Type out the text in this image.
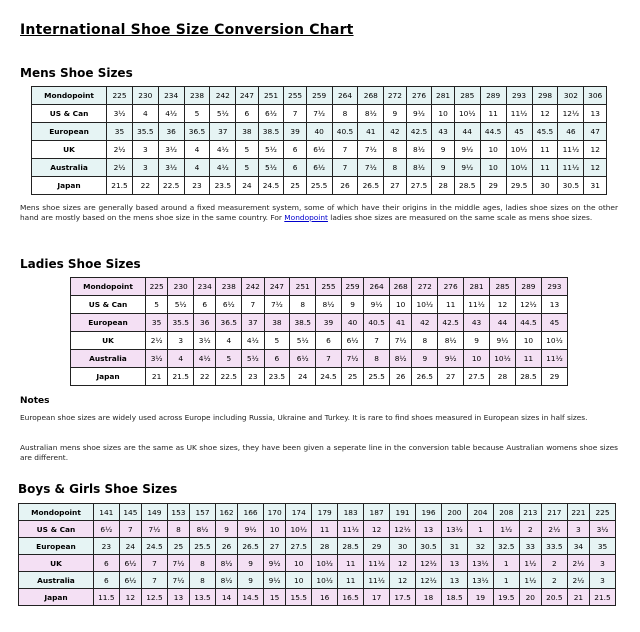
International Shoe Size Conversion Chart
Mens Shoe Sizes
Mondopoint	225	230	234	238	242	247	251	255	259	264	268	272	276	281	285	289	293	298	302	306
US & Can	3½	4	4½	5	5½	6	6½	7	7½	8	8½	9	9½	10	10½	11	11½	12	12½	13
European	35	35.5	36	36.5	37	38	38.5	39	40	40.5	41	42	42.5	43	44	44.5	45	45.5	46	47
UK	2½	3	3½	4	4½	5	5½	6	6½	7	7½	8	8½	9	9½	10	10½	11	11½	12
Australia	2½	3	3½	4	4½	5	5½	6	6½	7	7½	8	8½	9	9½	10	10½	11	11½	12
Japan	21.5	22	22.5	23	23.5	24	24.5	25	25.5	26	26.5	27	27.5	28	28.5	29	29.5	30	30.5	31
Mens shoe sizes are generally based around a fixed measurement system, some of which have their origins in the middle ages, ladies shoe sizes on the other hand are mostly based on the mens shoe size in the same country. For Mondopoint ladies shoe sizes are measured on the same scale as mens shoe sizes.
Ladies Shoe Sizes
Mondopoint	225	230	234	238	242	247	251	255	259	264	268	272	276	281	285	289	293
US & Can	5	5½	6	6½	7	7½	8	8½	9	9½	10	10½	11	11½	12	12½	13
European	35	35.5	36	36.5	37	38	38.5	39	40	40.5	41	42	42.5	43	44	44.5	45
UK	2½	3	3½	4	4½	5	5½	6	6½	7	7½	8	8½	9	9½	10	10½
Australia	3½	4	4½	5	5½	6	6½	7	7½	8	8½	9	9½	10	10½	11	11½
Japan	21	21.5	22	22.5	23	23.5	24	24.5	25	25.5	26	26.5	27	27.5	28	28.5	29
Notes
European shoe sizes are widely used across Europe including Russia, Ukraine and Turkey. It is rare to find shoes measured in European sizes in half sizes.
Australian mens shoe sizes are the same as UK shoe sizes, they have been given a seperate line in the conversion table because Australian womens shoe sizes are different.
Boys & Girls Shoe Sizes
Mondopoint	141	145	149	153	157	162	166	170	174	179	183	187	191	196	200	204	208	213	217	221	225
US & Can	6½	7	7½	8	8½	9	9½	10	10½	11	11½	12	12½	13	13½	1	1½	2	2½	3	3½
European	23	24	24.5	25	25.5	26	26.5	27	27.5	28	28.5	29	30	30.5	31	32	32.5	33	33.5	34	35
UK	6	6½	7	7½	8	8½	9	9½	10	10½	11	11½	12	12½	13	13½	1	1½	2	2½	3
Australia	6	6½	7	7½	8	8½	9	9½	10	10½	11	11½	12	12½	13	13½	1	1½	2	2½	3
Japan	11.5	12	12.5	13	13.5	14	14.5	15	15.5	16	16.5	17	17.5	18	18.5	19	19.5	20	20.5	21	21.5
